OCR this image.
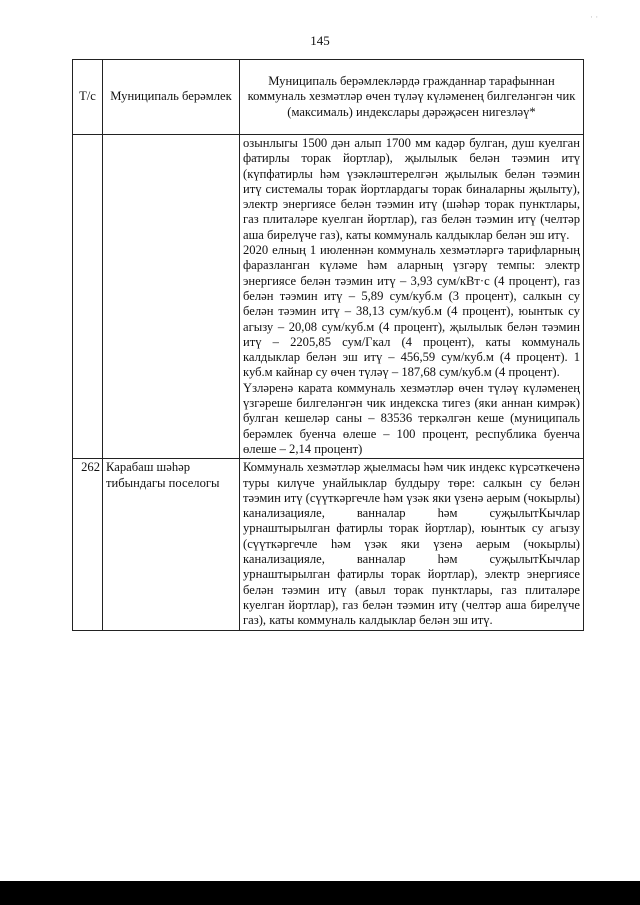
· ·
145
Т/с	Муниципаль берәмлек	Муниципаль берәмлекләрдә гражданнар тарафыннан коммуналь хезмәтләр өчен түләү күләменең билгеләнгән чик (максималь) индекслары дәрәҗәсен нигезләү*

		озынлыгы 1500 дән алып 1700 мм кадәр булган, душ куелган фатирлы торак йортлар), җылылык белән тәэмин итү (күпфатирлы һәм үзәкләштерелгән җылылык белән тәэмин итү системалы торак йортлардагы торак биналарны җылыту), электр энергиясе белән тәэмин итү (шәһәр торак пунктлары, газ плиталәре куелган йортлар), газ белән тәэмин итү (челтәр аша бирелүче газ), каты коммуналь калдыклар белән эш итү.

2020 елның 1 июленнән коммуналь хезмәтләргә тарифларның фаразланган күләме һәм аларның үзгәрү темпы: электр энергиясе белән тәэмин итү – 3,93 сум/кВт·с (4 процент), газ белән тәэмин итү – 5,89 сум/куб.м (3 процент), салкын су белән тәэмин итү – 38,13 сум/куб.м (4 процент), юынтык су агызу – 20,08 сум/куб.м (4 процент), җылылык белән тәэмин итү – 2205,85 сум/Гкал (4 процент), каты коммуналь калдыклар белән эш итү – 456,59 сум/куб.м (4 процент). 1 куб.м кайнар су өчен түләү – 187,68 сум/куб.м (4 процент).

Үзләренә карата коммуналь хезмәтләр өчен түләү күләменең үзгәреше билгеләнгән чик индекска тигез (яки аннан кимрәк) булган кешеләр саны – 83536 теркәлгән кеше (муниципаль берәмлек буенча өлеше – 100 процент, республика буенча өлеше – 2,14 процент)

262	Карабаш шәһәр тибындагы поселогы	Коммуналь хезмәтләр җыелмасы һәм чик индекс күрсәткеченә туры килүче унайлыклар булдыру төре: салкын су белән тәэмин итү (сүүткәргечле һәм үзәк яки үзенә аерым (чокырлы) канализацияле, ванналар һәм суҗылытКычлар урнаштырылган фатирлы торак йортлар), юынтык су агызу (сүүткәргечле һәм үзәк яки үзенә аерым (чокырлы) канализацияле, ванналар һәм суҗылытКычлар урнаштырылган фатирлы торак йортлар), электр энергиясе белән тәэмин итү (авыл торак пунктлары, газ плиталәре куелган йортлар), газ белән тәэмин итү (челтәр аша бирелүче газ), каты коммуналь калдыклар белән эш итү.
